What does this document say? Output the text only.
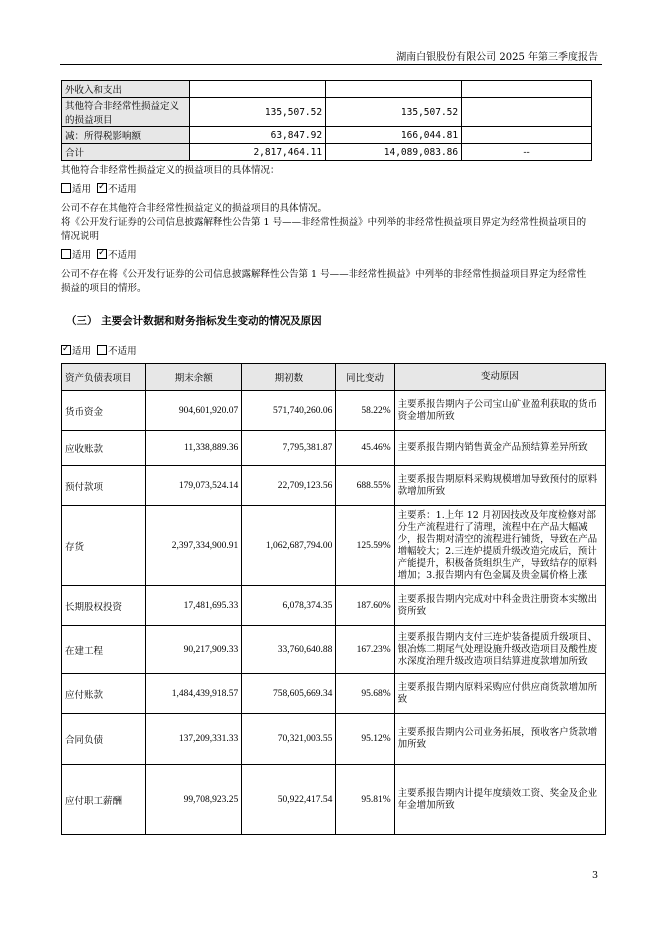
湖南白银股份有限公司 2025 年第三季度报告
外收入和支出			
其他符合非经常性损益定义的损益项目	135,507.52	135,507.52	
减：所得税影响额	63,847.92	166,044.81	
合计	2,817,464.11	14,089,083.86	--
其他符合非经常性损益定义的损益项目的具体情况：
适用 ✓ 不适用
公司不存在其他符合非经常性损益定义的损益项目的具体情况。
将《公开发行证券的公司信息披露解释性公告第 1 号——非经常性损益》中列举的非经常性损益项目界定为经常性损益项目的情况说明
适用 ✓ 不适用
公司不存在将《公开发行证券的公司信息披露解释性公告第 1 号——非经常性损益》中列举的非经常性损益项目界定为经常性损益的项目的情形。
（三） 主要会计数据和财务指标发生变动的情况及原因
✓适用 不适用
资产负债表项目	期末余额	期初数	同比变动	变动原因
货币资金	904,601,920.07	571,740,260.06	58.22%	主要系报告期内子公司宝山矿业盈利获取的货币资金增加所致
应收账款	11,338,889.36	7,795,381.87	45.46%	主要系报告期内销售黄金产品预结算差异所致
预付款项	179,073,524.14	22,709,123.56	688.55%	主要系报告期原料采购规模增加导致预付的原料款增加所致
存货	2,397,334,900.91	1,062,687,794.00	125.59%	主要系：1.上年 12 月初因技改及年度检修对部分生产流程进行了清理，流程中在产品大幅减少，报告期对清空的流程进行铺货，导致在产品增幅较大；2.三连炉提质升级改造完成后，预计产能提升，积极备货组织生产，导致结存的原料增加；3.报告期内有色金属及贵金属价格上涨
长期股权投资	17,481,695.33	6,078,374.35	187.60%	主要系报告期内完成对中科金贵注册资本实缴出资所致
在建工程	90,217,909.33	33,760,640.88	167.23%	主要系报告期内支付三连炉装备提质升级项目、银冶炼二期尾气处理设施升级改造项目及酸性废水深度治理升级改造项目结算进度款增加所致
应付账款	1,484,439,918.57	758,605,669.34	95.68%	主要系报告期内原料采购应付供应商货款增加所致
合同负债	137,209,331.33	70,321,003.55	95.12%	主要系报告期内公司业务拓展，预收客户货款增加所致
应付职工薪酬	99,708,923.25	50,922,417.54	95.81%	主要系报告期内计提年度绩效工资、奖金及企业年金增加所致
3
